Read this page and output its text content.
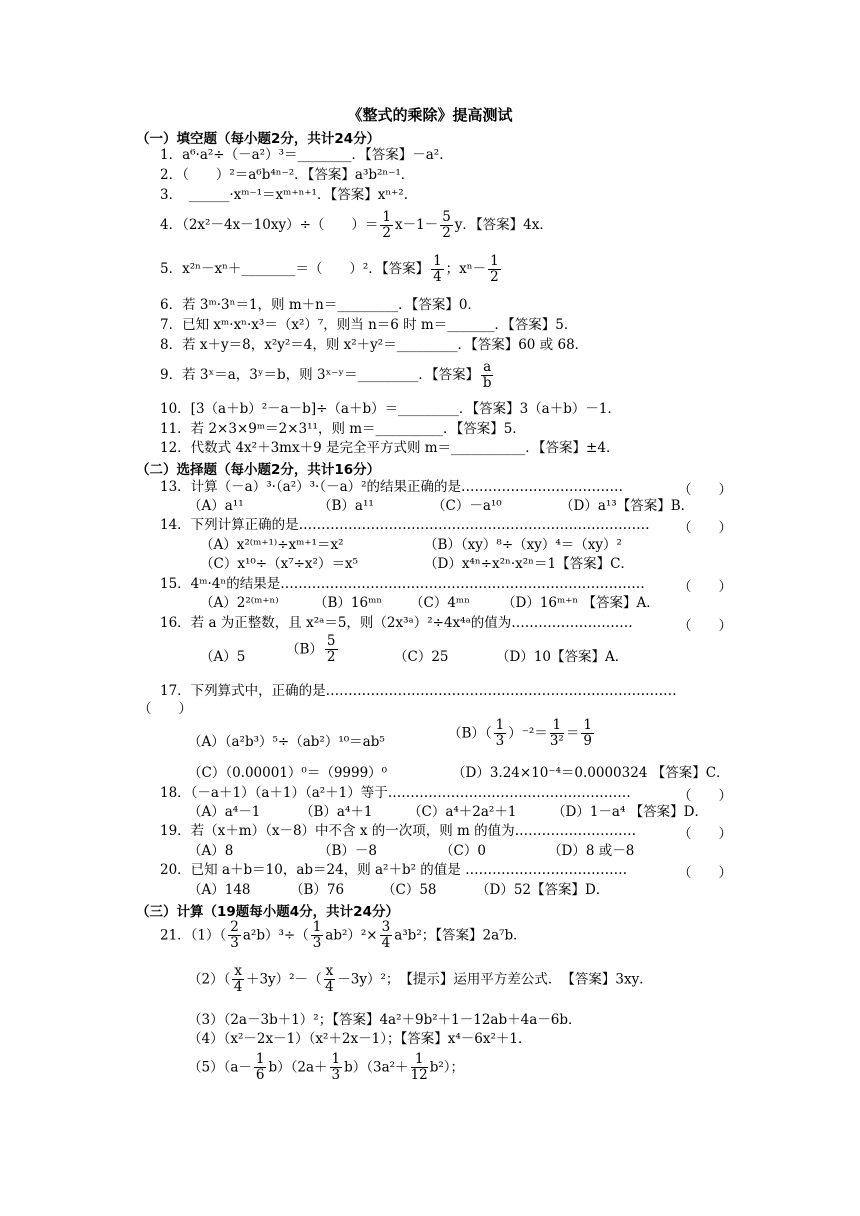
《整式的乘除》提高测试
（一）填空题（每小题2分，共计24分）
1．a⁶·a²÷（－a²）³＝________．【答案】－a².
2．（　　）²＝a⁶b⁴ⁿ⁻²．【答案】a³b²ⁿ⁻¹．
3．　______·xᵐ⁻¹＝xᵐ⁺ⁿ⁺¹．【答案】xⁿ⁺².
4．（2x²－4x－10xy）÷（　　）＝ $\frac{1}{2} x-1- \frac{5}{2}$ y．【答案】4x．
5．x²ⁿ－xⁿ＋________＝（　　）²．【答案】 $\frac{1}{4}$ ；$x^n- \frac{1}{2}$
6．若 3ᵐ·3ⁿ＝1，则 m＋n＝_________．【答案】0．
7．已知 xᵐ·xⁿ·x³＝（x²）⁷，则当 n＝6 时 m＝_______．【答案】5．
8．若 x＋y＝8，x²y²＝4，则 x²＋y²＝_________．【答案】60 或 68．
9．若 3ˣ＝a，3ʸ＝b，则 3ˣ⁻ʸ＝_________．【答案】 $\frac{a}{b}$
10．[3（a＋b）²－a－b]÷（a＋b）＝_________．【答案】3（a＋b）－1．
11．若 2×3×9ᵐ＝2×3¹¹，则 m＝__________．【答案】5．
12．代数式 4x²＋3mx＋9 是完全平方式则 m＝___________．【答案】±4．
（二）选择题（每小题2分，共计16分）
13．计算（－a）³·（a²）³·（－a）²的结果正确的是………………………………	（　　）
（A）a¹¹	（B）a¹¹	（C）－a¹⁰	（D）a¹³【答案】B．
14．下列计算正确的是…………………………………………………………………… （　　）
（A）x²⁽ᵐ⁺¹⁾÷xᵐ⁺¹＝x²	（B）（xy）⁸÷（xy）⁴＝（xy）²
（C）x¹⁰÷（x⁷÷x²）＝x⁵	（D）x⁴ⁿ÷x²ⁿ·x²ⁿ＝1【答案】C．
15．4ᵐ·4ⁿ的结果是……………………………………………………………………… （　　）
（A）2²⁽ᵐ⁺ⁿ⁾	（B）16ᵐⁿ （C）4ᵐⁿ （D）16ᵐ⁺ⁿ 【答案】A．
16．若 a 为正整数，且 x²ᵃ＝5，则（2x³ᵃ）²÷4x⁴ᵃ的值为………………………	（　　）
（A）5	$(B) \frac{5}{2}$	（C）25	（D）10【答案】A．
17．下列算式中，正确的是……………………………………………………………………
（　　）
（A）（a²b³）⁵÷（ab²）¹⁰＝ab⁵
$(B)( \frac{1}{3} )^{-2}= \frac{1}{\text{3²}} = \frac{1}{9}$
（C）（0.00001）⁰＝（9999）⁰	（D）3.24×10⁻⁴＝0.0000324 【答案】C．
18．（－a＋1）（a＋1）（a²＋1）等于………………………………………………	（　　）
（A）a⁴－1	（B）a⁴＋1	（C）a⁴＋2a²＋1	（D）1－a⁴ 【答案】D．
19．若（x＋m）（x－8）中不含 x 的一次项，则 m 的值为………………………	（　　）
（A）8	（B）－8	（C）0	（D）8 或－8
20．已知 a＋b＝10，ab＝24，则 a²＋b² 的值是 ………………………………	（　　）
（A）148	（B）76	（C）58	（D）52【答案】D．
（三）计算（19题每小题4分，共计24分）
21．$(1)( \frac{2}{3} a^2b)^3\div( \frac{1}{3} ab^2)^2\times \frac{3}{4} a^3b^2$；【答案】2a⁷b．
$(2)( \frac{x}{4} +3y)^2-( \frac{x}{4} -3y)^2$；　【提示】运用平方差公式．　【答案】3xy．
（3）（2a－3b＋1）²；【答案】4a²＋9b²＋1－12ab＋4a－6b．
（4）（x²－2x－1）（x²＋2x－1）；【答案】x⁴－6x²＋1．
$(5)(a- \frac{1}{6} b)(2a+ \frac{1}{3} b)(3a^2+ \frac{1}{12} b^2)$；
